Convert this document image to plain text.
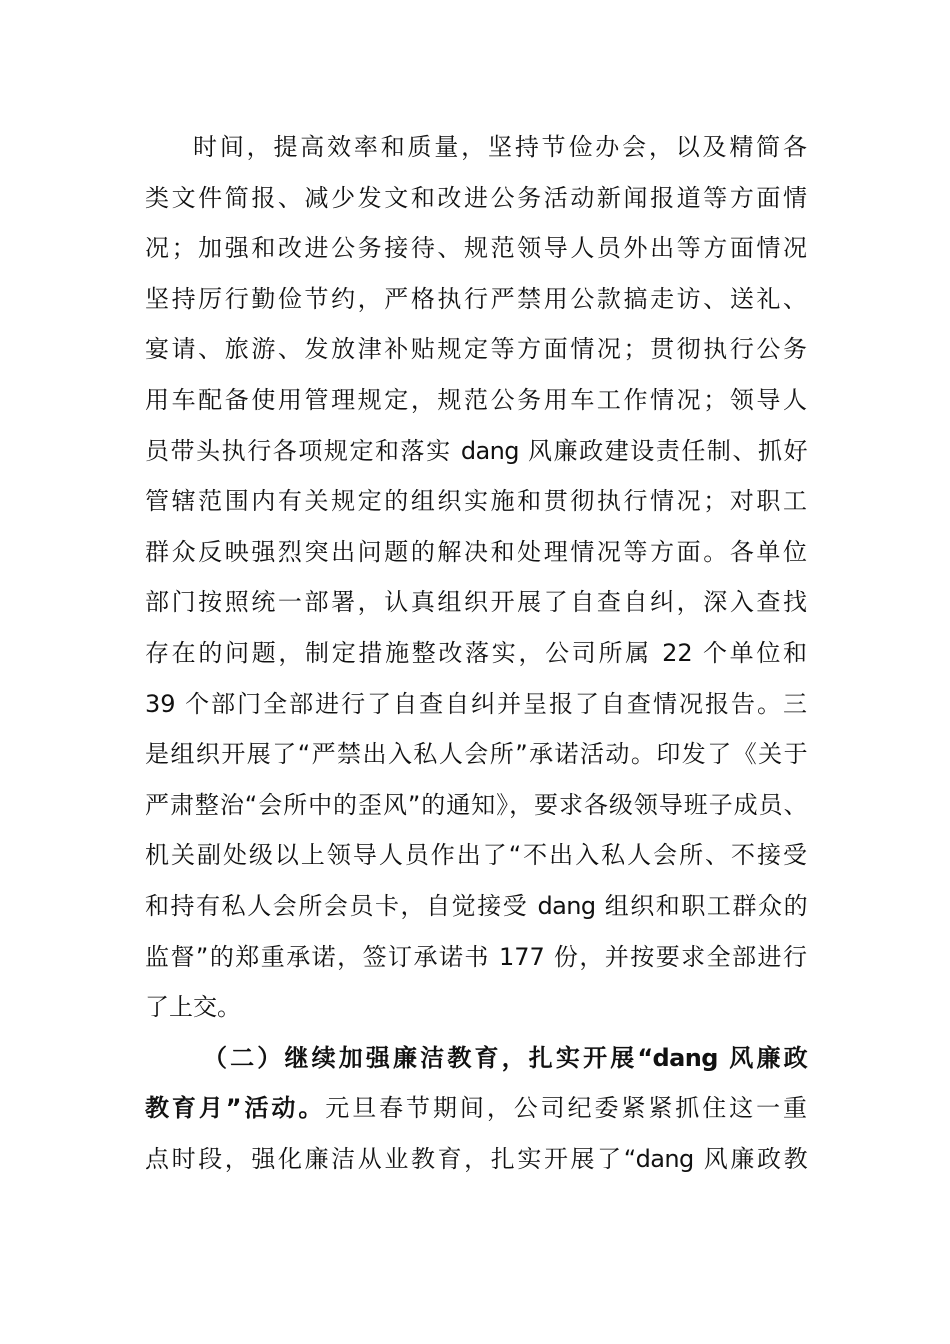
时间，提高效率和质量，坚持节俭办会，以及精简各
类文件简报、减少发文和改进公务活动新闻报道等方面情
况；加强和改进公务接待、规范领导人员外出等方面情况
坚持厉行勤俭节约，严格执行严禁用公款搞走访、送礼、
宴请、旅游、发放津补贴规定等方面情况；贯彻执行公务
用车配备使用管理规定，规范公务用车工作情况；领导人
员带头执行各项规定和落实 dang 风廉政建设责任制、抓好
管辖范围内有关规定的组织实施和贯彻执行情况；对职工
群众反映强烈突出问题的解决和处理情况等方面。各单位
部门按照统一部署，认真组织开展了自查自纠，深入查找
存在的问题，制定措施整改落实，公司所属 22 个单位和
39 个部门全部进行了自查自纠并呈报了自查情况报告。三
是组织开展了“严禁出入私人会所”承诺活动。印发了《关于
严肃整治“会所中的歪风”的通知》，要求各级领导班子成员、
机关副处级以上领导人员作出了“不出入私人会所、不接受
和持有私人会所会员卡，自觉接受 dang 组织和职工群众的
监督”的郑重承诺，签订承诺书 177 份，并按要求全部进行
了上交。
（二）继续加强廉洁教育，扎实开展“dang 风廉政
教育月”活动。元旦春节期间，公司纪委紧紧抓住这一重
点时段，强化廉洁从业教育，扎实开展了“dang 风廉政教
